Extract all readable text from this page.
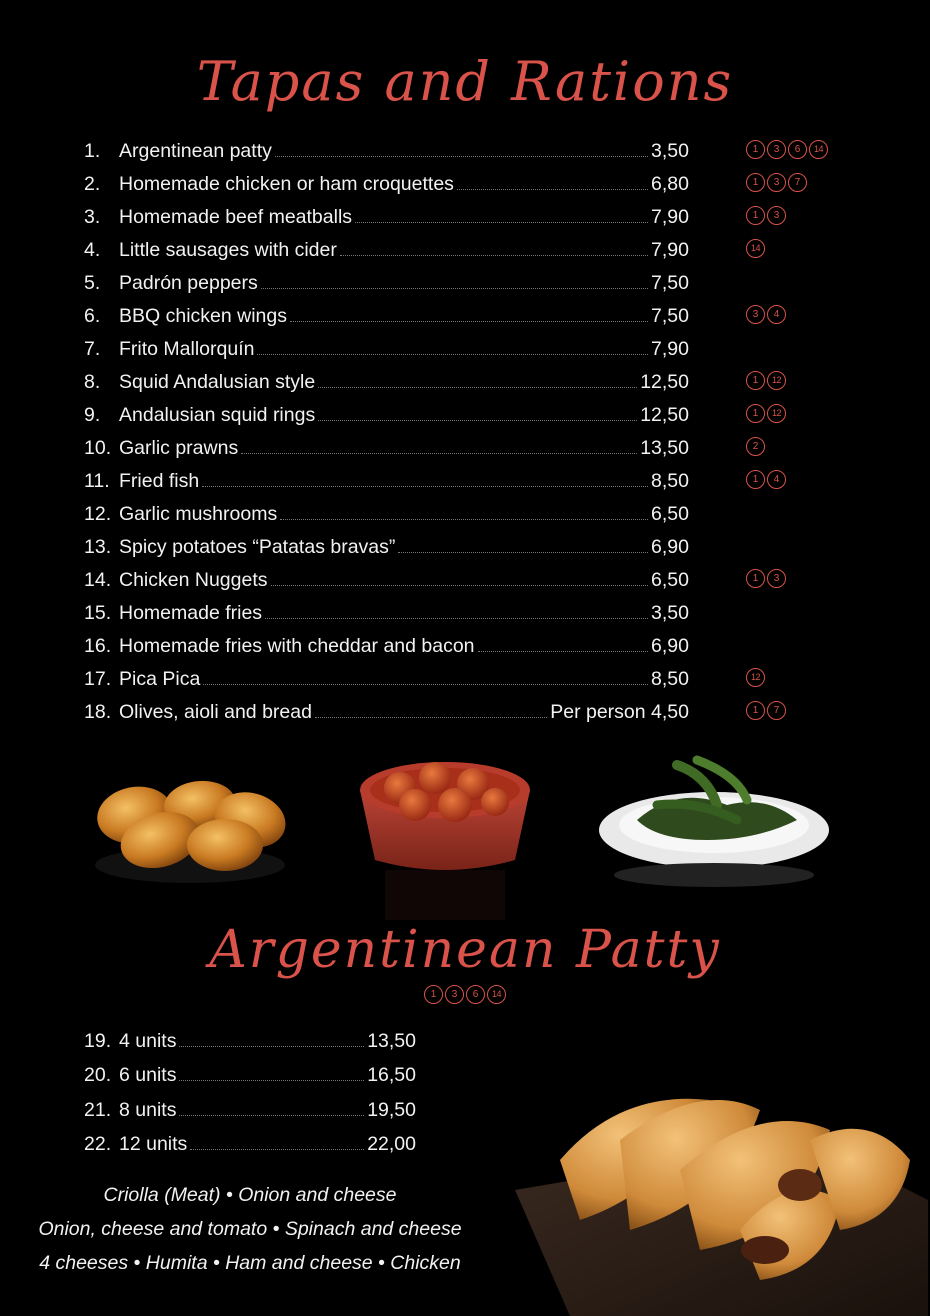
Tapas and Rations
1. Argentinean patty	3,50	1	3	6	14
2. Homemade chicken or ham croquettes	6,80	1	3	7
3. Homemade beef meatballs	7,90	1	3
4. Little sausages with cider	7,90	14
5. Padrón peppers	7,50
6. BBQ chicken wings	7,50	3	4
7. Frito Mallorquín	7,90
8. Squid Andalusian style	12,50	1	12
9. Andalusian squid rings	12,50	1	12
10. Garlic prawns	13,50	2
11. Fried fish	8,50	1	4
12. Garlic mushrooms	6,50
13. Spicy potatoes “Patatas bravas”	6,90
14. Chicken Nuggets	6,50	1	3
15. Homemade fries	3,50
16. Homemade fries with cheddar and bacon	6,90
17. Pica Pica	8,50	12
18. Olives, aioli and bread	Per person 4,50	1	7
Argentinean Patty
1	3	6	14
19. 4 units	13,50
20. 6 units	16,50
21. 8 units	19,50
22. 12 units	22,00
Criolla (Meat) • Onion and cheese
Onion, cheese and tomato • Spinach and cheese
4 cheeses • Humita • Ham and cheese • Chicken
